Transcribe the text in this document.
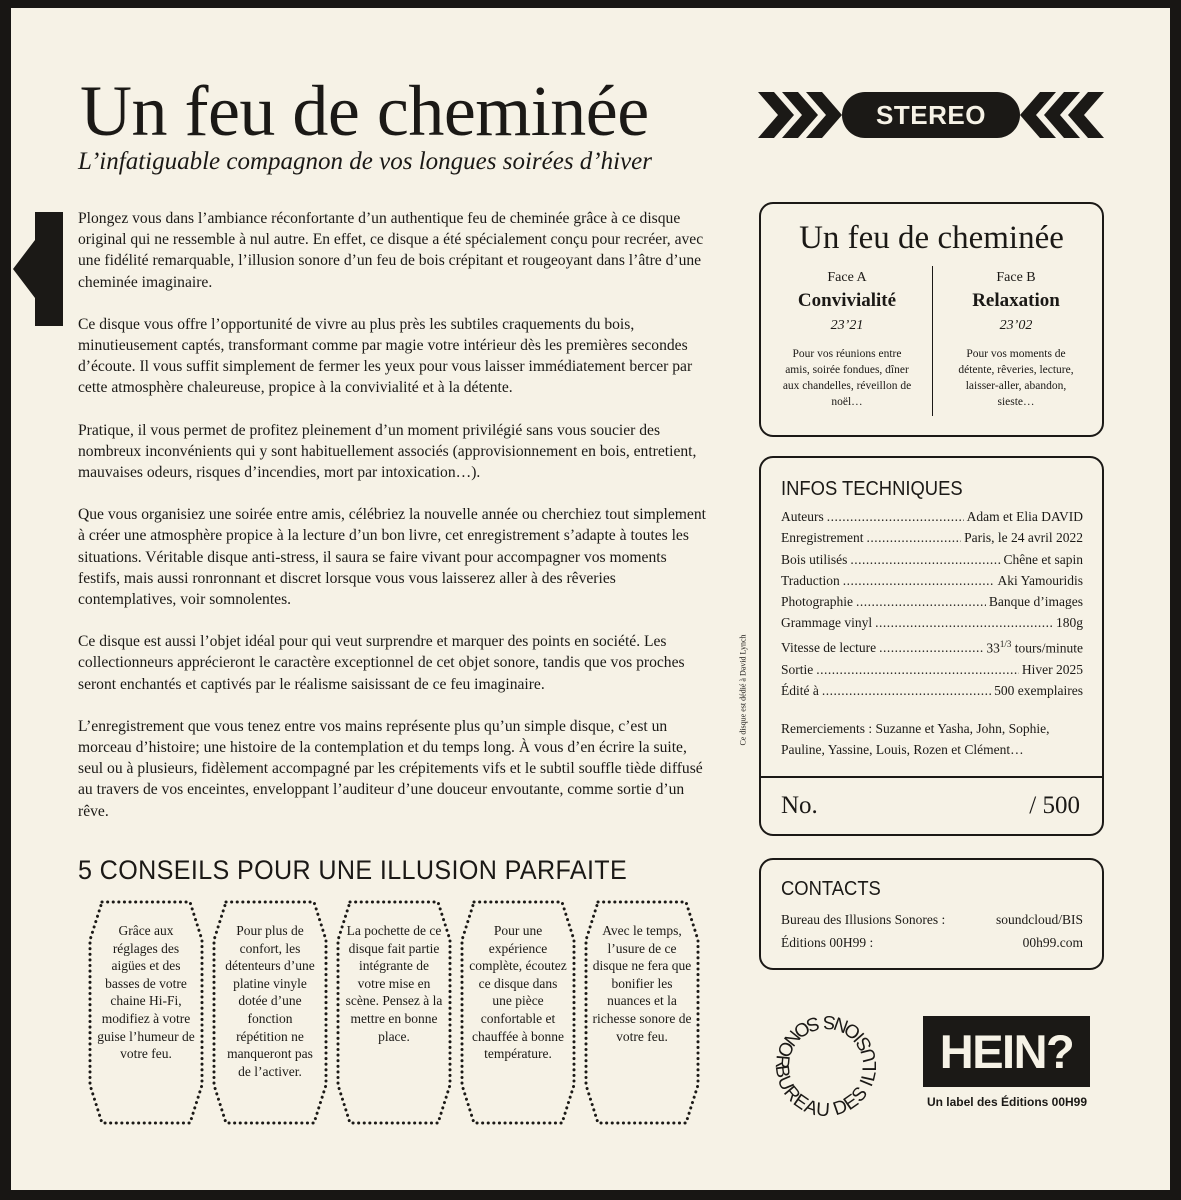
Un feu de cheminée

L’infatiguable compagnon de vos longues soirées d’hiver

STEREO
ENGLISH INSIDE

Plongez vous dans l’ambiance réconfortante d’un authentique feu de cheminée grâce à ce disque original qui ne ressemble à nul autre. En effet, ce disque a été spécialement conçu pour recréer, avec une fidélité remarquable, l’illusion sonore d’un feu de bois crépitant et rougeoyant dans l’âtre d’une cheminée imaginaire.

Ce disque vous offre l’opportunité de vivre au plus près les subtiles craquements du bois, minutieusement captés, transformant comme par magie votre intérieur dès les premières secondes d’écoute. Il vous suffit simplement de fermer les yeux pour vous laisser immédiatement bercer par cette atmosphère chaleureuse, propice à la convivialité et à la détente.

Pratique, il vous permet de profitez pleinement d’un moment privilégié sans vous soucier des nombreux inconvénients qui y sont habituellement associés (approvisionnement en bois, entretient, mauvaises odeurs, risques d’incendies, mort par intoxication…).

Que vous organisiez une soirée entre amis, célébriez la nouvelle année ou cherchiez tout simplement à créer une atmosphère propice à la lecture d’un bon livre, cet enregistrement s’adapte à toutes les situations. Véritable disque anti-stress, il saura se faire vivant pour accompagner vos moments festifs, mais aussi ronronnant et discret lorsque vous vous laisserez aller à des rêveries contemplatives, voir somnolentes.

Ce disque est aussi l’objet idéal pour qui veut surprendre et marquer des points en société. Les collectionneurs apprécieront le caractère exceptionnel de cet objet sonore, tandis que vos proches seront enchantés et captivés par le réalisme saisissant de ce feu imaginaire.

L’enregistrement que vous tenez entre vos mains représente plus qu’un simple disque, c’est un morceau d’histoire; une histoire de la contemplation et du temps long. À vous d’en écrire la suite, seul ou à plusieurs, fidèlement accompagné par les crépitements vifs et le subtil souffle tiède diffusé au travers de vos enceintes, enveloppant l’auditeur d’une douceur envoutante, comme sortie d’un rêve.

5 CONSEILS POUR UNE ILLUSION PARFAITE
Grâce aux réglages des aigües et des basses de votre chaine Hi-Fi, modifiez à votre guise l’humeur de votre feu.
Pour plus de confort, les détenteurs d’une platine vinyle dotée d’une fonction répétition ne manqueront pas de l’activer.
La pochette de ce disque fait partie intégrante de votre mise en scène. Pensez à la mettre en bonne place.
Pour une expérience complète, écoutez ce disque dans une pièce confortable et chauffée à bonne température.
Avec le temps, l’usure de ce disque ne fera que bonifier les nuances et la richesse sonore de votre feu.
Ce disque est dédié à David Lynch
Un feu de cheminée
Face A
Convivialité
23’21
Pour vos réunions entre amis, soirée fondues, dîner aux chandelles, réveillon de noël…
Face B
Relaxation
23’02
Pour vos moments de détente, rêveries, lecture, laisser-aller, abandon, sieste…
INFOS TECHNIQUES
Auteurs .....	Adam et Elia DAVID
Enregistrement .....	Paris, le 24 avril 2022
Bois utilisés .....	Chêne et sapin
Traduction .....	Aki Yamouridis
Photographie .....	Banque d’images
Grammage vinyl .....	180g
Vitesse de lecture .....	$33^{1/3}$ tours/minute
Sortie .....	Hiver 2025
Édité à .....	500 exemplaires
Remerciements : Suzanne et Yasha, John, Sophie, Pauline, Yassine, Louis, Rozen et Clément…
No.	/ 500
CONTACTS
Bureau des Illusions Sonores :	soundcloud/BIS
Éditions 00H99 :	00h99.com
BUREAU DES ILLUSIONS SONOR	HEIN?
Un label des Éditions 00H99
